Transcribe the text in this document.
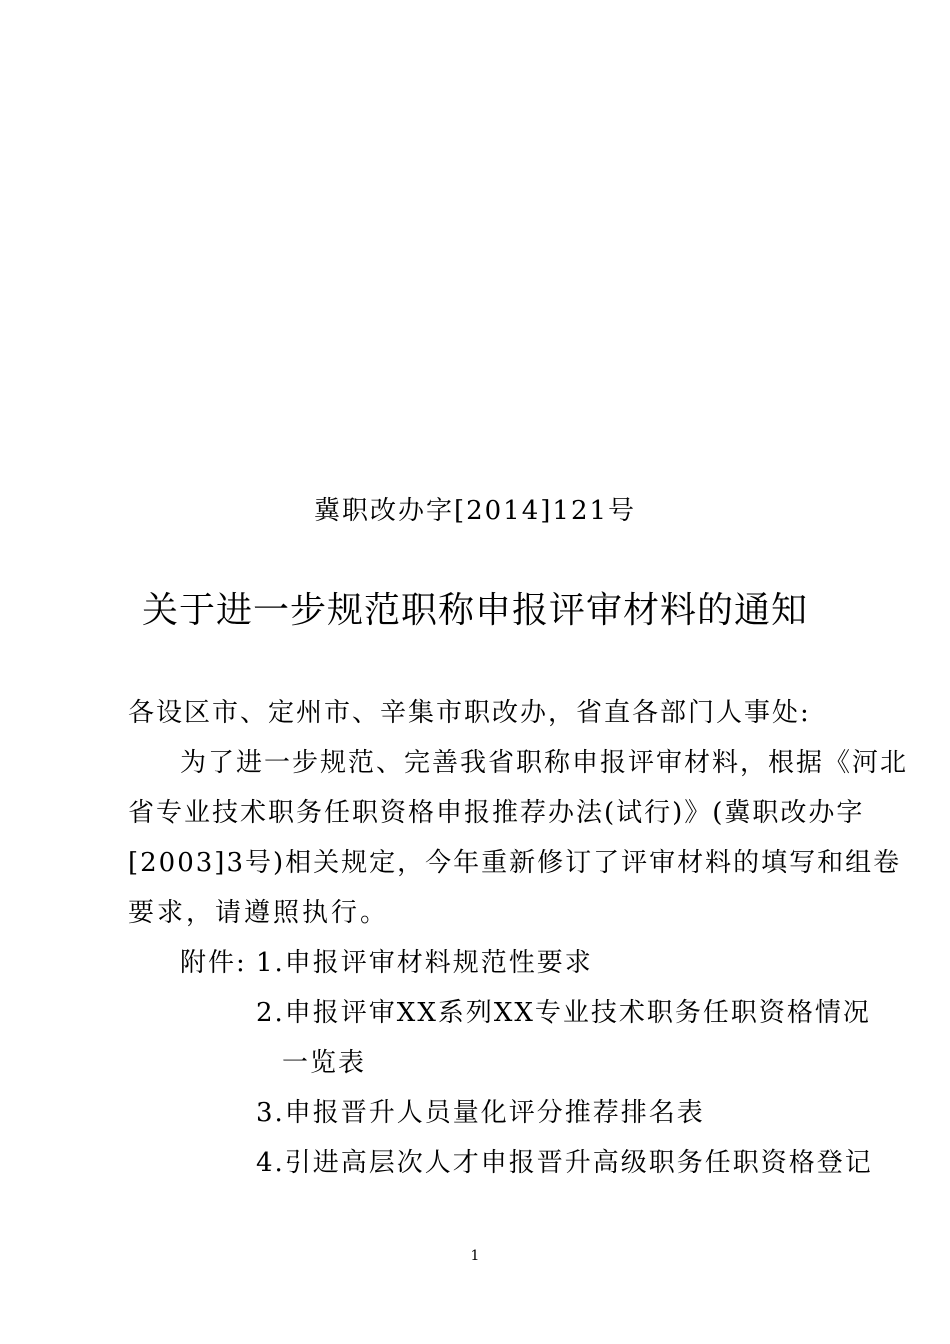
冀职改办字[2014]121号
关于进一步规范职称申报评审材料的通知
各设区市、定州市、辛集市职改办，省直各部门人事处:
为了进一步规范、完善我省职称申报评审材料，根据《河北
省专业技术职务任职资格申报推荐办法(试行)》(冀职改办字
[2003]3号)相关规定，今年重新修订了评审材料的填写和组卷
要求，请遵照执行。
附件: 1.申报评审材料规范性要求
2.申报评审XX系列XX专业技术职务任职资格情况
一览表
3.申报晋升人员量化评分推荐排名表
4.引进高层次人才申报晋升高级职务任职资格登记
1
